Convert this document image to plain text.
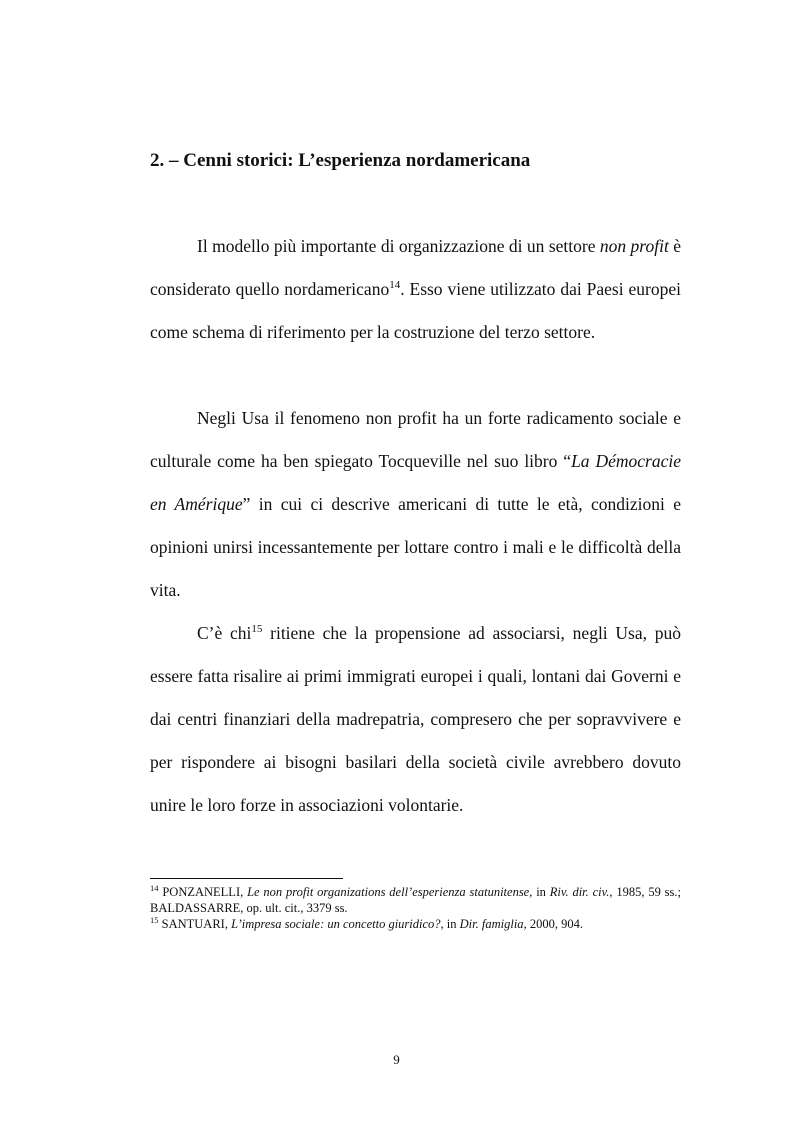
2. – Cenni storici: L’esperienza nordamericana

Il modello più importante di organizzazione di un settore non profit è considerato quello nordamericano$^{14}$. Esso viene utilizzato dai Paesi europei come schema di riferimento per la costruzione del terzo settore.

Negli Usa il fenomeno non profit ha un forte radicamento sociale e culturale come ha ben spiegato Tocqueville nel suo libro “La Démocracie en Amérique” in cui ci descrive americani di tutte le età, condizioni e opinioni unirsi incessantemente per lottare contro i mali e le difficoltà della vita.

C’è chi$^{15}$ ritiene che la propensione ad associarsi, negli Usa, può essere fatta risalire ai primi immigrati europei i quali, lontani dai Governi e dai centri finanziari della madrepatria, compresero che per sopravvivere e per rispondere ai bisogni basilari della società civile avrebbero dovuto unire le loro forze in associazioni volontarie.

$^{14}$ PONZANELLI, Le non profit organizations dell’esperienza statunitense, in Riv. dir. civ., 1985, 59 ss.; BALDASSARRE, op. ult. cit., 3379 ss.

$^{15}$ SANTUARI, L’impresa sociale: un concetto giuridico?, in Dir. famiglia, 2000, 904.

9
